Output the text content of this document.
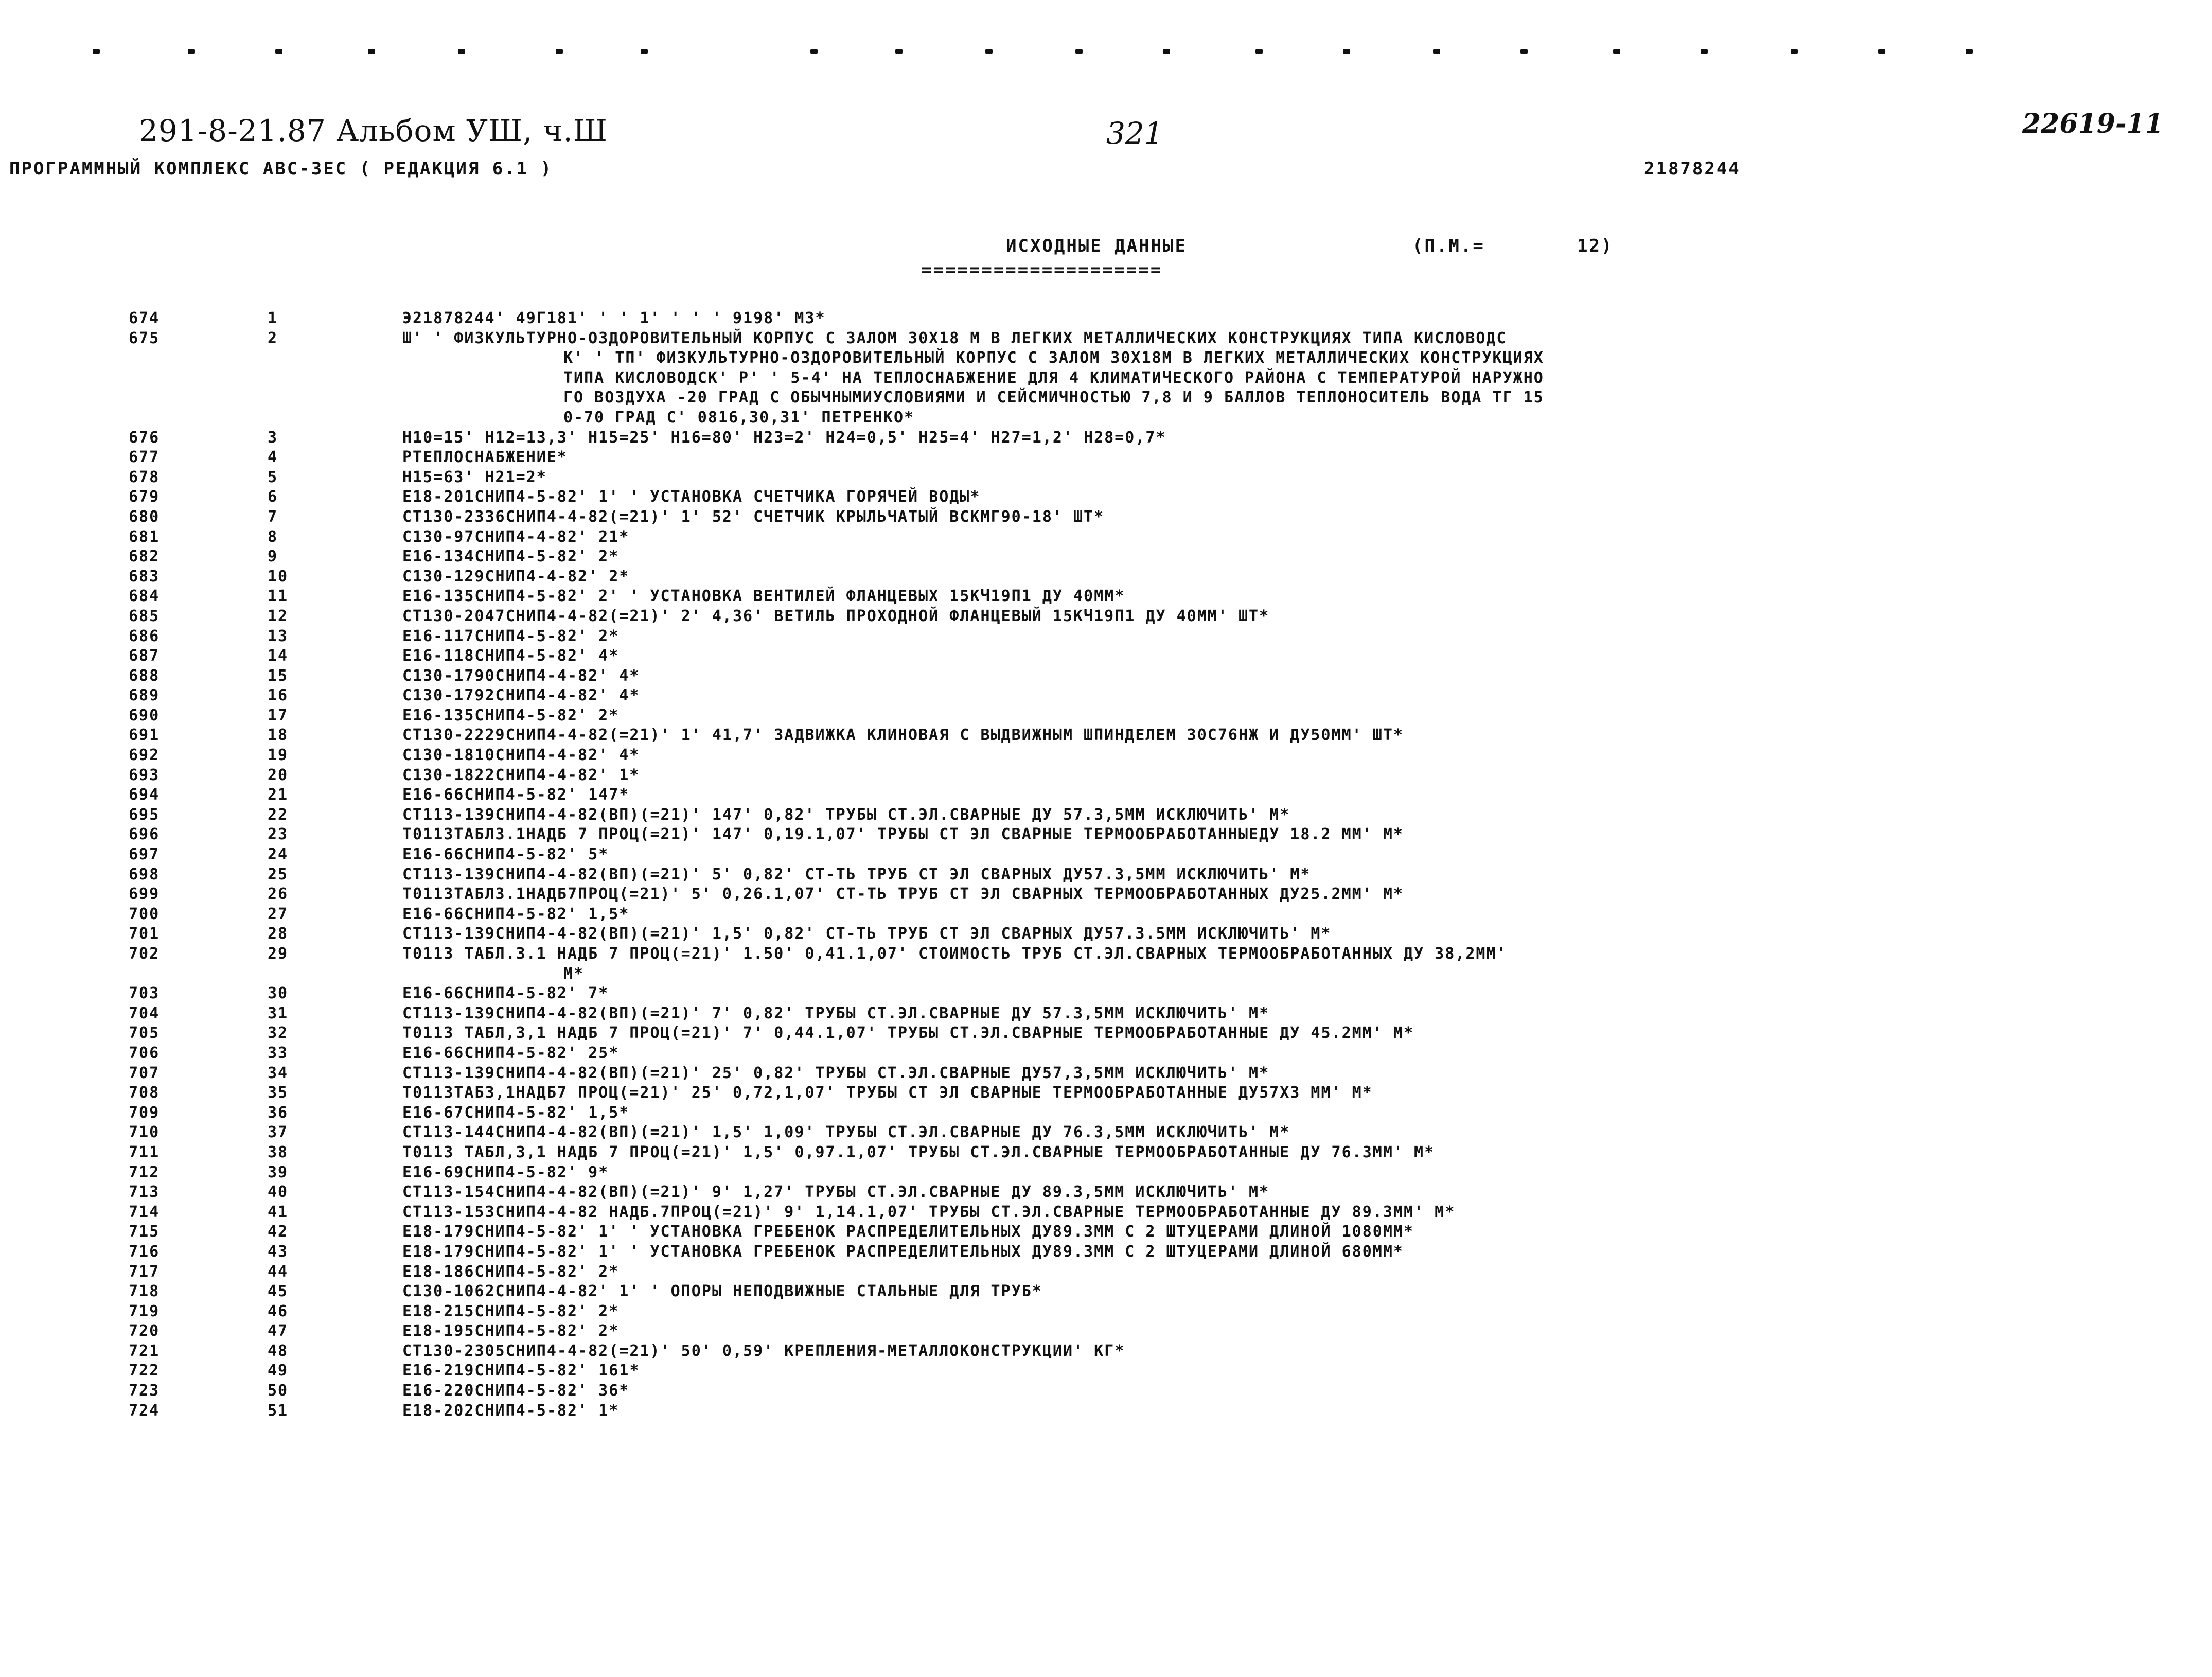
291-8-21.87 Альбом УШ, ч.Ш	321	22619-11
ПРОГРАММНЫЙ КОМПЛЕКС АВС-3ЕС ( РЕДАКЦИЯ 6.1 )	21878244
ИСХОДНЫЕ ДАННЫЕ
====================
(П.М.=	12)
674	1	Э21878244' 49Г181' ' ' 1' ' ' ' 9198' М3*
675	2	Ш' ' ФИЗКУЛЬТУРНО-ОЗДОРОВИТЕЛЬНЫЙ КОРПУС С ЗАЛОМ 30Х18 М В ЛЕГКИХ МЕТАЛЛИЧЕСКИХ КОНСТРУКЦИЯХ ТИПА КИСЛОВОДС
К' ' ТП' ФИЗКУЛЬТУРНО-ОЗДОРОВИТЕЛЬНЫЙ КОРПУС С ЗАЛОМ 30Х18М В ЛЕГКИХ МЕТАЛЛИЧЕСКИХ КОНСТРУКЦИЯХ
ТИПА КИСЛОВОДСК' Р' ' 5-4' НА ТЕПЛОСНАБЖЕНИЕ ДЛЯ 4 КЛИМАТИЧЕСКОГО РАЙОНА С ТЕМПЕРАТУРОЙ НАРУЖНО
ГО ВОЗДУХА -20 ГРАД С ОБЫЧНЫМИУСЛОВИЯМИ И СЕЙСМИЧНОСТЬЮ 7,8 И 9 БАЛЛОВ ТЕПЛОНОСИТЕЛЬ ВОДА ТГ 15
0-70 ГРАД С' 0816,30,31' ПЕТРЕНКО*
676	3	Н10=15' Н12=13,3' Н15=25' Н16=80' Н23=2' Н24=0,5' Н25=4' Н27=1,2' Н28=0,7*
677	4	РТЕПЛОСНАБЖЕНИЕ*
678	5	Н15=63' Н21=2*
679	6	Е18-201СНИП4-5-82' 1' ' УСТАНОВКА СЧЕТЧИКА ГОРЯЧЕЙ ВОДЫ*
680	7	СТ130-2336СНИП4-4-82(=21)' 1' 52' СЧЕТЧИК КРЫЛЬЧАТЫЙ ВСКМГ90-18' ШТ*
681	8	С130-97СНИП4-4-82' 21*
682	9	Е16-134СНИП4-5-82' 2*
683	10	С130-129СНИП4-4-82' 2*
684	11	Е16-135СНИП4-5-82' 2' ' УСТАНОВКА ВЕНТИЛЕЙ ФЛАНЦЕВЫХ 15КЧ19П1 ДУ 40ММ*
685	12	СТ130-2047СНИП4-4-82(=21)' 2' 4,36' ВЕТИЛЬ ПРОХОДНОЙ ФЛАНЦЕВЫЙ 15КЧ19П1 ДУ 40ММ' ШТ*
686	13	Е16-117СНИП4-5-82' 2*
687	14	Е16-118СНИП4-5-82' 4*
688	15	С130-1790СНИП4-4-82' 4*
689	16	С130-1792СНИП4-4-82' 4*
690	17	Е16-135СНИП4-5-82' 2*
691	18	СТ130-2229СНИП4-4-82(=21)' 1' 41,7' ЗАДВИЖКА КЛИНОВАЯ С ВЫДВИЖНЫМ ШПИНДЕЛЕМ 30С76НЖ И ДУ50ММ' ШТ*
692	19	С130-1810СНИП4-4-82' 4*
693	20	С130-1822СНИП4-4-82' 1*
694	21	Е16-66СНИП4-5-82' 147*
695	22	СТ113-139СНИП4-4-82(ВП)(=21)' 147' 0,82' ТРУБЫ СТ.ЭЛ.СВАРНЫЕ ДУ 57.3,5ММ ИСКЛЮЧИТЬ' М*
696	23	Т0113ТАБЛ3.1НАДБ 7 ПРОЦ(=21)' 147' 0,19.1,07' ТРУБЫ СТ ЭЛ СВАРНЫЕ ТЕРМООБРАБОТАННЫЕДУ 18.2 ММ' М*
697	24	Е16-66СНИП4-5-82' 5*
698	25	СТ113-139СНИП4-4-82(ВП)(=21)' 5' 0,82' СТ-ТЬ ТРУБ СТ ЭЛ СВАРНЫХ ДУ57.3,5ММ ИСКЛЮЧИТЬ' М*
699	26	Т0113ТАБЛ3.1НАДБ7ПРОЦ(=21)' 5' 0,26.1,07' СТ-ТЬ ТРУБ СТ ЭЛ СВАРНЫХ ТЕРМООБРАБОТАННЫХ ДУ25.2ММ' М*
700	27	Е16-66СНИП4-5-82' 1,5*
701	28	СТ113-139СНИП4-4-82(ВП)(=21)' 1,5' 0,82' СТ-ТЬ ТРУБ СТ ЭЛ СВАРНЫХ ДУ57.3.5ММ ИСКЛЮЧИТЬ' М*
702	29	Т0113 ТАБЛ.3.1 НАДБ 7 ПРОЦ(=21)' 1.50' 0,41.1,07' СТОИМОСТЬ ТРУБ СТ.ЭЛ.СВАРНЫХ ТЕРМООБРАБОТАННЫХ ДУ 38,2ММ'
М*
703	30	Е16-66СНИП4-5-82' 7*
704	31	СТ113-139СНИП4-4-82(ВП)(=21)' 7' 0,82' ТРУБЫ СТ.ЭЛ.СВАРНЫЕ ДУ 57.3,5ММ ИСКЛЮЧИТЬ' М*
705	32	Т0113 ТАБЛ,3,1 НАДБ 7 ПРОЦ(=21)' 7' 0,44.1,07' ТРУБЫ СТ.ЭЛ.СВАРНЫЕ ТЕРМООБРАБОТАННЫЕ ДУ 45.2ММ' М*
706	33	Е16-66СНИП4-5-82' 25*
707	34	СТ113-139СНИП4-4-82(ВП)(=21)' 25' 0,82' ТРУБЫ СТ.ЭЛ.СВАРНЫЕ ДУ57,3,5ММ ИСКЛЮЧИТЬ' М*
708	35	Т0113ТАБ3,1НАДБ7 ПРОЦ(=21)' 25' 0,72,1,07' ТРУБЫ СТ ЭЛ СВАРНЫЕ ТЕРМООБРАБОТАННЫЕ ДУ57Х3 ММ' М*
709	36	Е16-67СНИП4-5-82' 1,5*
710	37	СТ113-144СНИП4-4-82(ВП)(=21)' 1,5' 1,09' ТРУБЫ СТ.ЭЛ.СВАРНЫЕ ДУ 76.3,5ММ ИСКЛЮЧИТЬ' М*
711	38	Т0113 ТАБЛ,3,1 НАДБ 7 ПРОЦ(=21)' 1,5' 0,97.1,07' ТРУБЫ СТ.ЭЛ.СВАРНЫЕ ТЕРМООБРАБОТАННЫЕ ДУ 76.3ММ' М*
712	39	Е16-69СНИП4-5-82' 9*
713	40	СТ113-154СНИП4-4-82(ВП)(=21)' 9' 1,27' ТРУБЫ СТ.ЭЛ.СВАРНЫЕ ДУ 89.3,5ММ ИСКЛЮЧИТЬ' М*
714	41	СТ113-153СНИП4-4-82 НАДБ.7ПРОЦ(=21)' 9' 1,14.1,07' ТРУБЫ СТ.ЭЛ.СВАРНЫЕ ТЕРМООБРАБОТАННЫЕ ДУ 89.3ММ' М*
715	42	Е18-179СНИП4-5-82' 1' ' УСТАНОВКА ГРЕБЕНОК РАСПРЕДЕЛИТЕЛЬНЫХ ДУ89.3ММ С 2 ШТУЦЕРАМИ ДЛИНОЙ 1080ММ*
716	43	Е18-179СНИП4-5-82' 1' ' УСТАНОВКА ГРЕБЕНОК РАСПРЕДЕЛИТЕЛЬНЫХ ДУ89.3ММ С 2 ШТУЦЕРАМИ ДЛИНОЙ 680ММ*
717	44	Е18-186СНИП4-5-82' 2*
718	45	С130-1062СНИП4-4-82' 1' ' ОПОРЫ НЕПОДВИЖНЫЕ СТАЛЬНЫЕ ДЛЯ ТРУБ*
719	46	Е18-215СНИП4-5-82' 2*
720	47	Е18-195СНИП4-5-82' 2*
721	48	СТ130-2305СНИП4-4-82(=21)' 50' 0,59' КРЕПЛЕНИЯ-МЕТАЛЛОКОНСТРУКЦИИ' КГ*
722	49	Е16-219СНИП4-5-82' 161*
723	50	Е16-220СНИП4-5-82' 36*
724	51	Е18-202СНИП4-5-82' 1*
